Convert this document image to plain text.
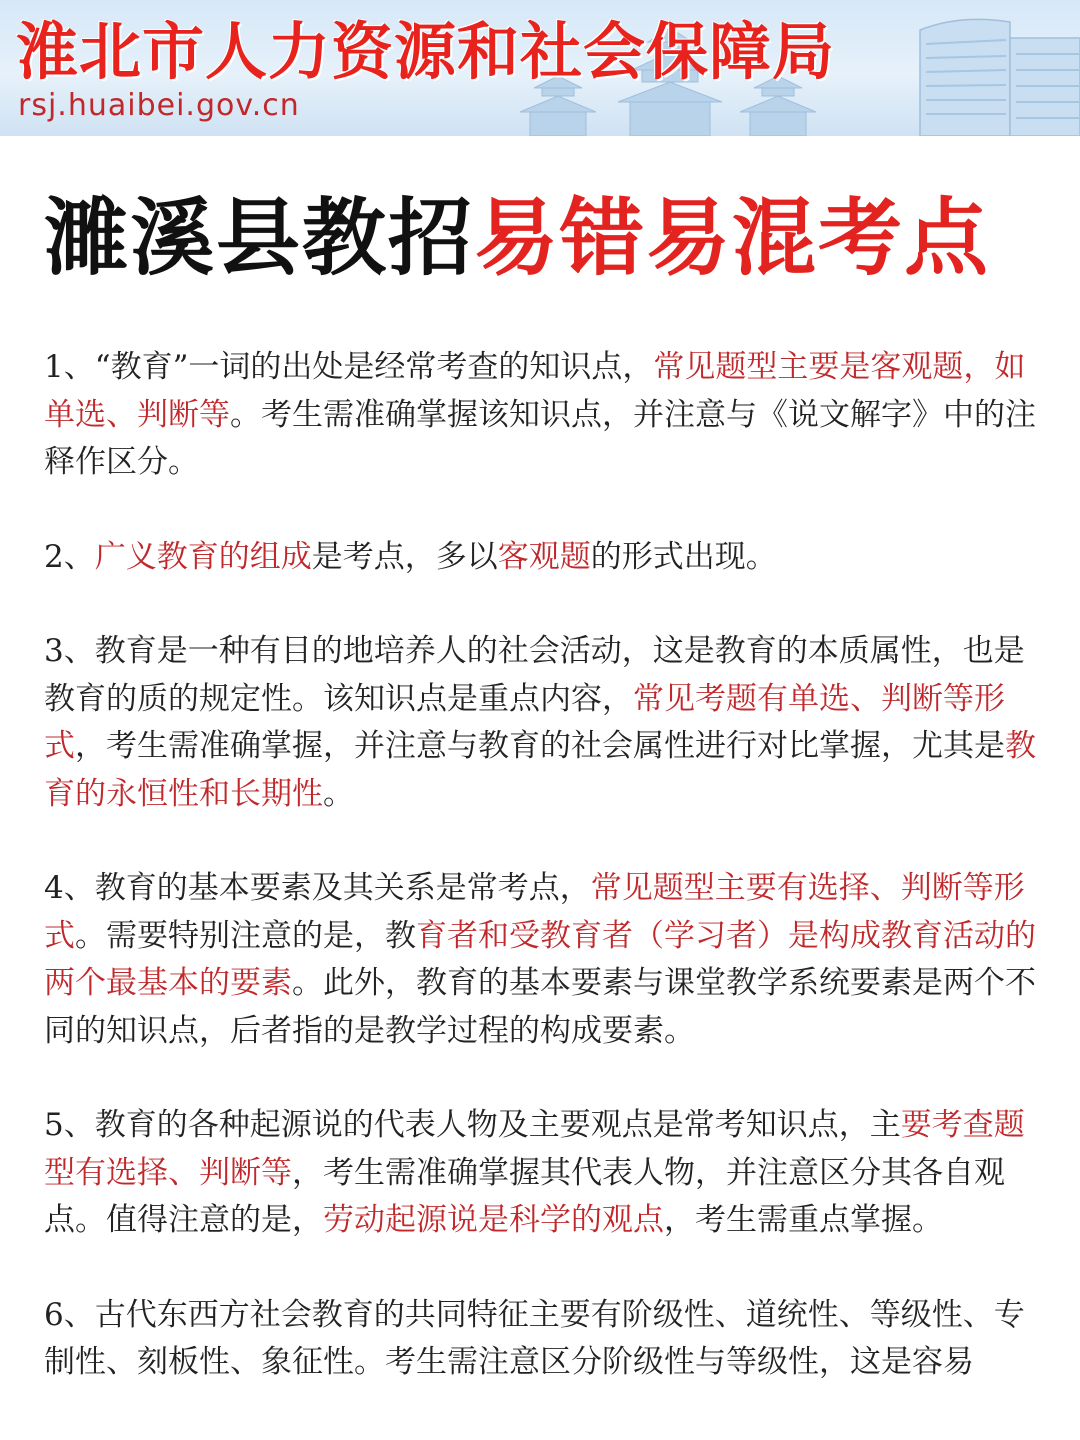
淮北市人力资源和社会保障局
rsj.huaibei.gov.cn
濉溪县教招易错易混考点

1、“教育”一词的出处是经常考查的知识点，常见题型主要是客观题，如单选、判断等。考生需准确掌握该知识点，并注意与《说文解字》中的注释作区分。

2、广义教育的组成是考点，多以客观题的形式出现。

3、教育是一种有目的地培养人的社会活动，这是教育的本质属性，也是教育的质的规定性。该知识点是重点内容，常见考题有单选、判断等形式，考生需准确掌握，并注意与教育的社会属性进行对比掌握，尤其是教育的永恒性和长期性。

4、教育的基本要素及其关系是常考点，常见题型主要有选择、判断等形式。需要特别注意的是，教育者和受教育者（学习者）是构成教育活动的两个最基本的要素。此外，教育的基本要素与课堂教学系统要素是两个不同的知识点，后者指的是教学过程的构成要素。

5、教育的各种起源说的代表人物及主要观点是常考知识点，主要考查题型有选择、判断等，考生需准确掌握其代表人物，并注意区分其各自观点。值得注意的是，劳动起源说是科学的观点，考生需重点掌握。

6、古代东西方社会教育的共同特征主要有阶级性、道统性、等级性、专制性、刻板性、象征性。考生需注意区分阶级性与等级性，这是容易
